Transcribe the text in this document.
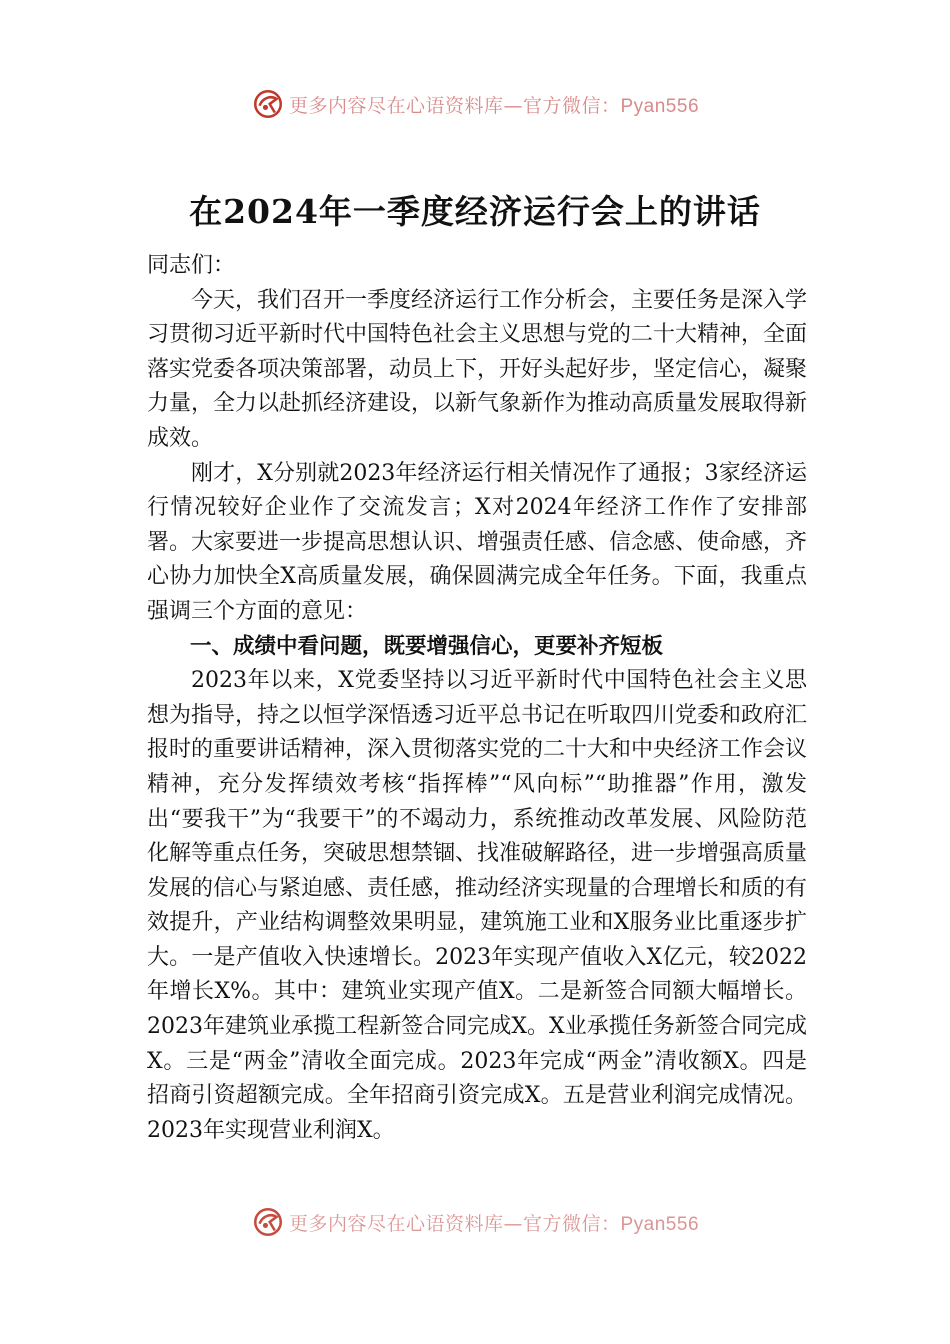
更多内容尽在心语资料库—官方微信：Pyan556
在2024年一季度经济运行会上的讲话

同志们：

今天，我们召开一季度经济运行工作分析会，主要任务是深入学习贯彻习近平新时代中国特色社会主义思想与党的二十大精神，全面落实党委各项决策部署，动员上下，开好头起好步，坚定信心，凝聚力量，全力以赴抓经济建设，以新气象新作为推动高质量发展取得新成效。

刚才，X分别就2023年经济运行相关情况作了通报；3家经济运行情况较好企业作了交流发言；X对2024年经济工作作了安排部署。大家要进一步提高思想认识、增强责任感、信念感、使命感，齐心协力加快全X高质量发展，确保圆满完成全年任务。下面，我重点强调三个方面的意见：

一、成绩中看问题，既要增强信心，更要补齐短板

2023年以来，X党委坚持以习近平新时代中国特色社会主义思想为指导，持之以恒学深悟透习近平总书记在听取四川党委和政府汇报时的重要讲话精神，深入贯彻落实党的二十大和中央经济工作会议精神，充分发挥绩效考核“指挥棒”“风向标”“助推器”作用，激发出“要我干”为“我要干”的不竭动力，系统推动改革发展、风险防范化解等重点任务，突破思想禁锢、找准破解路径，进一步增强高质量发展的信心与紧迫感、责任感，推动经济实现量的合理增长和质的有效提升，产业结构调整效果明显，建筑施工业和X服务业比重逐步扩大。一是产值收入快速增长。2023年实现产值收入X亿元，较2022年增长X%。其中：建筑业实现产值X。二是新签合同额大幅增长。2023年建筑业承揽工程新签合同完成X。X业承揽任务新签合同完成X。三是“两金”清收全面完成。2023年完成“两金”清收额X。四是招商引资超额完成。全年招商引资完成X。五是营业利润完成情况。2023年实现营业利润X。

更多内容尽在心语资料库—官方微信：Pyan556
